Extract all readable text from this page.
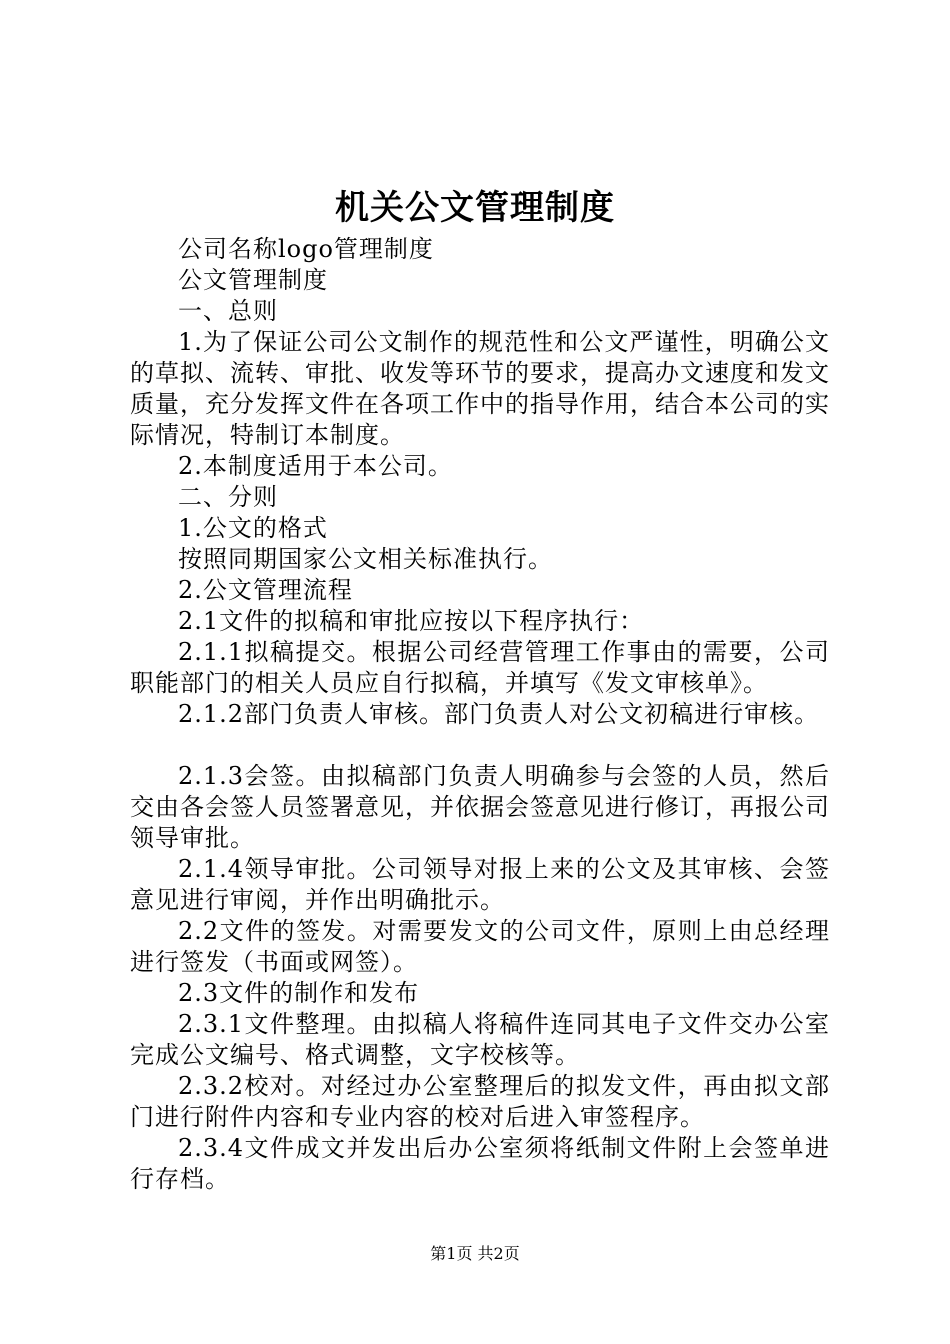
机关公文管理制度

公司名称logo管理制度

公文管理制度

一、总则

1.为了保证公司公文制作的规范性和公文严谨性，明确公文的草拟、流转、审批、收发等环节的要求，提高办文速度和发文质量，充分发挥文件在各项工作中的指导作用，结合本公司的实际情况，特制订本制度。

2.本制度适用于本公司。

二、分则

1.公文的格式

按照同期国家公文相关标准执行。

2.公文管理流程

2.1文件的拟稿和审批应按以下程序执行：

2.1.1拟稿提交。根据公司经营管理工作事由的需要，公司职能部门的相关人员应自行拟稿，并填写《发文审核单》。

2.1.2部门负责人审核。部门负责人对公文初稿进行审核。

2.1.3会签。由拟稿部门负责人明确参与会签的人员，然后交由各会签人员签署意见，并依据会签意见进行修订，再报公司领导审批。

2.1.4领导审批。公司领导对报上来的公文及其审核、会签意见进行审阅，并作出明确批示。

2.2文件的签发。对需要发文的公司文件，原则上由总经理进行签发（书面或网签）。

2.3文件的制作和发布

2.3.1文件整理。由拟稿人将稿件连同其电子文件交办公室完成公文编号、格式调整，文字校核等。

2.3.2校对。对经过办公室整理后的拟发文件，再由拟文部门进行附件内容和专业内容的校对后进入审签程序。

2.3.4文件成文并发出后办公室须将纸制文件附上会签单进行存档。

第1页 共2页
